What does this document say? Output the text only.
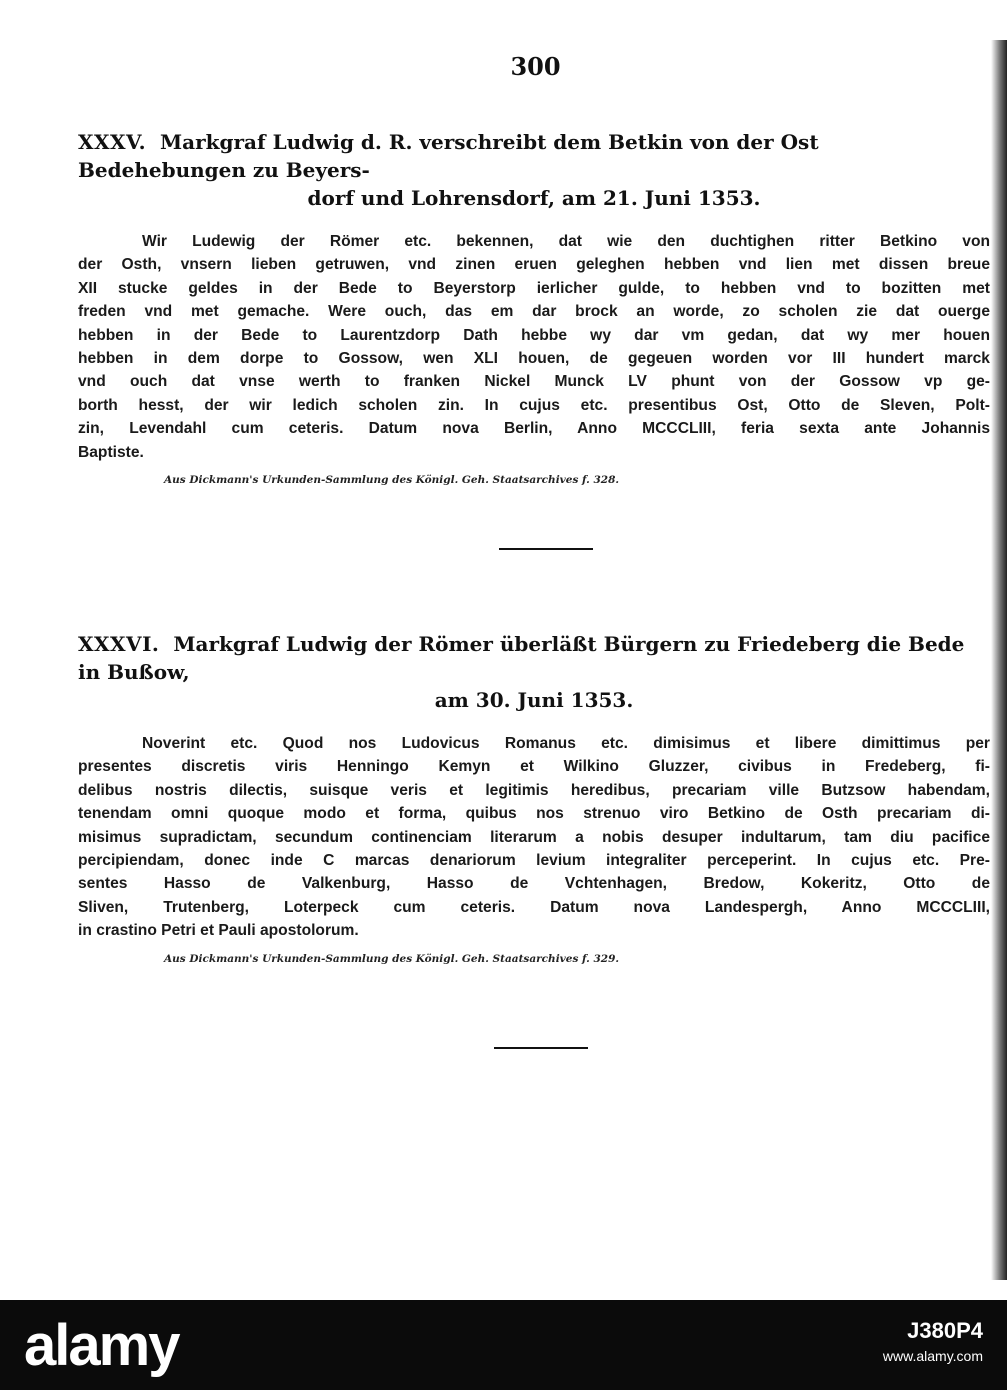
300
XXXV. Markgraf Ludwig d. R. verschreibt dem Betkin von der Ost Bedehebungen zu Beyers-
dorf und Lohrensdorf, am 21. Juni 1353.
Wir Ludewig der Römer etc. bekennen, dat wie den duchtighen ritter Betkino von
der Osth, vnsern lieben getruwen, vnd zinen eruen geleghen hebben vnd lien met dissen breue
XII stucke geldes in der Bede to Beyerstorp ierlicher gulde, to hebben vnd to bozitten met
freden vnd met gemache. Were ouch, das em dar brock an worde, zo scholen zie dat ouerge
hebben in der Bede to Laurentzdorp Dath hebbe wy dar vm gedan, dat wy mer houen
hebben in dem dorpe to Gossow, wen XLI houen, de gegeuen worden vor III hundert marck
vnd ouch dat vnse werth to franken Nickel Munck LV phunt von der Gossow vp ge-
borth hesst, der wir ledich scholen zin. In cujus etc. presentibus Ost, Otto de Sleven, Polt-
zin, Levendahl cum ceteris. Datum nova Berlin, Anno MCCCLIII, feria sexta ante Johannis
Baptiste.
Aus Dickmann's Urkunden-Sammlung des Königl. Geh. Staatsarchives f. 328.
XXXVI. Markgraf Ludwig der Römer überläßt Bürgern zu Friedeberg die Bede in Bußow,
am 30. Juni 1353.
Noverint etc. Quod nos Ludovicus Romanus etc. dimisimus et libere dimittimus per
presentes discretis viris Henningo Kemyn et Wilkino Gluzzer, civibus in Fredeberg, fi-
delibus nostris dilectis, suisque veris et legitimis heredibus, precariam ville Butzsow habendam,
tenendam omni quoque modo et forma, quibus nos strenuo viro Betkino de Osth precariam di-
misimus supradictam, secundum continenciam literarum a nobis desuper indultarum, tam diu pacifice
percipiendam, donec inde C marcas denariorum levium integraliter perceperint. In cujus etc. Pre-
sentes Hasso de Valkenburg, Hasso de Vchtenhagen, Bredow, Kokeritz, Otto de
Sliven, Trutenberg, Loterpeck cum ceteris. Datum nova Landespergh, Anno MCCCLIII,
in crastino Petri et Pauli apostolorum.
Aus Dickmann's Urkunden-Sammlung des Königl. Geh. Staatsarchives f. 329.
alamy	J380P4
www.alamy.com
